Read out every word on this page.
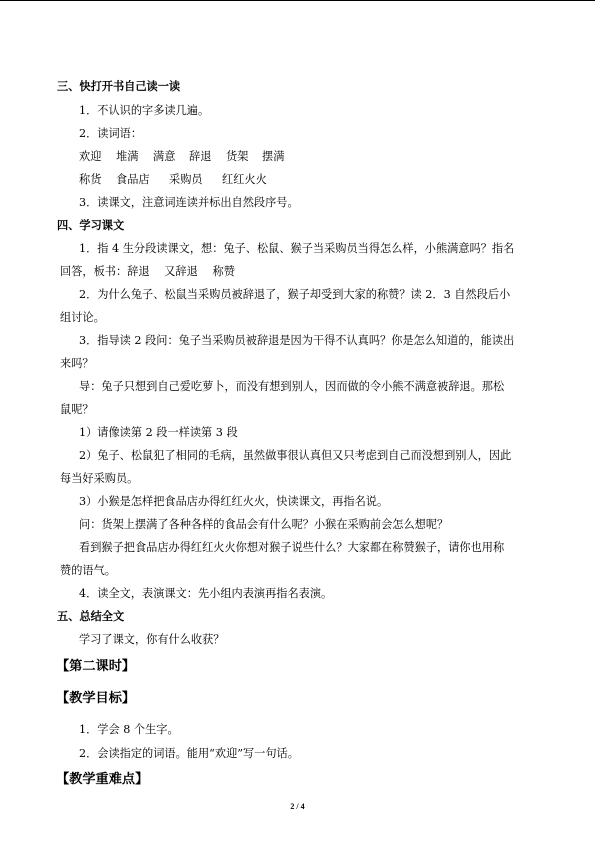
三、快打开书自己读一读
1．不认识的字多读几遍。
2．读词语：
欢迎 堆满 满意 辞退 货架 摆满
称货 食品店 采购员 红红火火
3．读课文，注意词连读并标出自然段序号。
四、学习课文
1．指 4 生分段读课文，想：兔子、松鼠、猴子当采购员当得怎么样，小熊满意吗？指名
回答，板书：辞退　 又辞退　 称赞
2．为什么兔子、松鼠当采购员被辞退了，猴子却受到大家的称赞？读 2．3 自然段后小
组讨论。
3．指导读 2 段问：兔子当采购员被辞退是因为干得不认真吗？你是怎么知道的，能读出
来吗？
导：兔子只想到自己爱吃萝卜，而没有想到别人，因而做的令小熊不满意被辞退。那松
鼠呢？
1）请像读第 2 段一样读第 3 段
2）兔子、松鼠犯了相同的毛病，虽然做事很认真但又只考虑到自己而没想到别人，因此
每当好采购员。
3）小猴是怎样把食品店办得红红火火，快读课文，再指名说。
问：货架上摆满了各种各样的食品会有什么呢？小猴在采购前会怎么想呢？
看到猴子把食品店办得红红火火你想对猴子说些什么？大家都在称赞猴子，请你也用称
赞的语气。
4．读全文，表演课文：先小组内表演再指名表演。
五、总结全文
学习了课文，你有什么收获？
【第二课时】
【教学目标】
1．学会 8 个生字。
2．会读指定的词语。能用“欢迎”写一句话。
【教学重难点】
2 / 4
